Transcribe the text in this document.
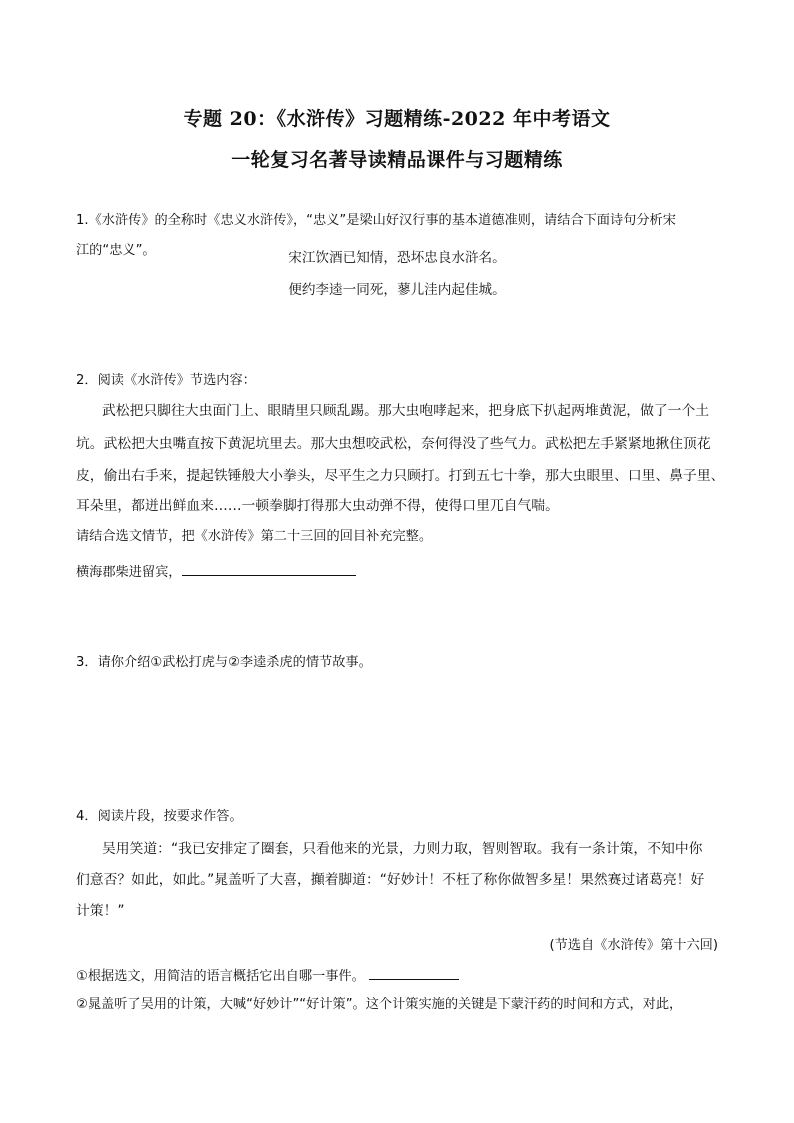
专题 20：《水浒传》习题精练-2022 年中考语文
一轮复习名著导读精品课件与习题精练
1.《水浒传》的全称时《忠义水浒传》，“忠义”是梁山好汉行事的基本道德准则，请结合下面诗句分析宋
江的“忠义”。	宋江饮酒已知情，恐坏忠良水浒名。
便约李逵一同死，蓼儿洼内起佳城。
2．阅读《水浒传》节选内容：
武松把只脚往大虫面门上、眼睛里只顾乱踢。那大虫咆哮起来，把身底下扒起两堆黄泥，做了一个土
坑。武松把大虫嘴直按下黄泥坑里去。那大虫想咬武松，奈何得没了些气力。武松把左手紧紧地揪住顶花
皮，偷出右手来，提起铁锤般大小拳头，尽平生之力只顾打。打到五七十拳，那大虫眼里、口里、鼻子里、
耳朵里，都迸出鲜血来……一顿拳脚打得那大虫动弹不得，使得口里兀自气喘。
请结合选文情节，把《水浒传》第二十三回的回目补充完整。
横海郡柴进留宾，
3．请你介绍①武松打虎与②李逵杀虎的情节故事。
4．阅读片段，按要求作答。
吴用笑道：“我已安排定了圈套，只看他来的光景，力则力取，智则智取。我有一条计策，不知中你
们意否？如此，如此。”晁盖听了大喜，攧着脚道：“好妙计！不枉了称你做智多星！果然赛过诸葛亮！好
计策！”
(节选自《水浒传》第十六回)
①根据选文，用简洁的语言概括它出自哪一事件。
②晁盖听了吴用的计策，大喊“好妙计”“好计策”。这个计策实施的关键是下蒙汗药的时间和方式，对此，
